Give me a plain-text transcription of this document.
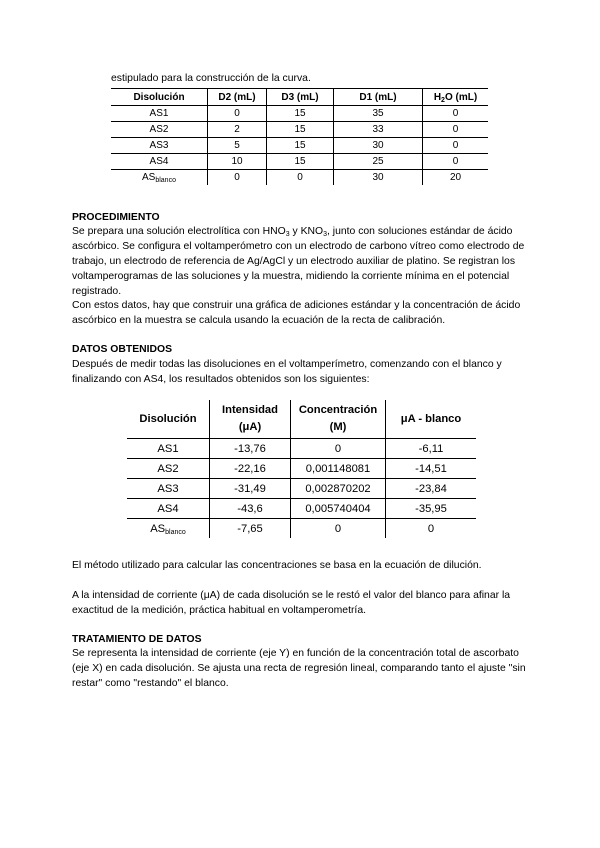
estipulado para la construcción de la curva.

Disolución	D2 (mL)	D3 (mL)	D1 (mL)	$H_2O$ (mL)
AS1	0	15	35	0
AS2	2	15	33	0
AS3	5	15	30	0
AS4	10	15	25	0
$AS_{blanco}$	0	0	30	20

PROCEDIMIENTO

Se prepara una solución electrolítica con $HNO_3$ y $KNO_3$, junto con soluciones estándar de ácido ascórbico. Se configura el voltamperómetro con un electrodo de carbono vítreo como electrodo de trabajo, un electrodo de referencia de Ag/AgCl y un electrodo auxiliar de platino. Se registran los voltamperogramas de las soluciones y la muestra, midiendo la corriente mínima en el potencial registrado.

Con estos datos, hay que construir una gráfica de adiciones estándar y la concentración de ácido ascórbico en la muestra se calcula usando la ecuación de la recta de calibración.

DATOS OBTENIDOS

Después de medir todas las disoluciones en el voltamperímetro, comenzando con el blanco y finalizando con AS4, los resultados obtenidos son los siguientes:

Disolución	Intensidad (μA)	Concentración (M)	μA - blanco
AS1	-13,76	0	-6,11
AS2	-22,16	0,001148081	-14,51
AS3	-31,49	0,002870202	-23,84
AS4	-43,6	0,005740404	-35,95
$AS_{blanco}$	-7,65	0	0

El método utilizado para calcular las concentraciones se basa en la ecuación de dilución.

A la intensidad de corriente (μA) de cada disolución se le restó el valor del blanco para afinar la exactitud de la medición, práctica habitual en voltamperometría.

TRATAMIENTO DE DATOS

Se representa la intensidad de corriente (eje Y) en función de la concentración total de ascorbato (eje X) en cada disolución. Se ajusta una recta de regresión lineal, comparando tanto el ajuste "sin restar" como "restando" el blanco.
